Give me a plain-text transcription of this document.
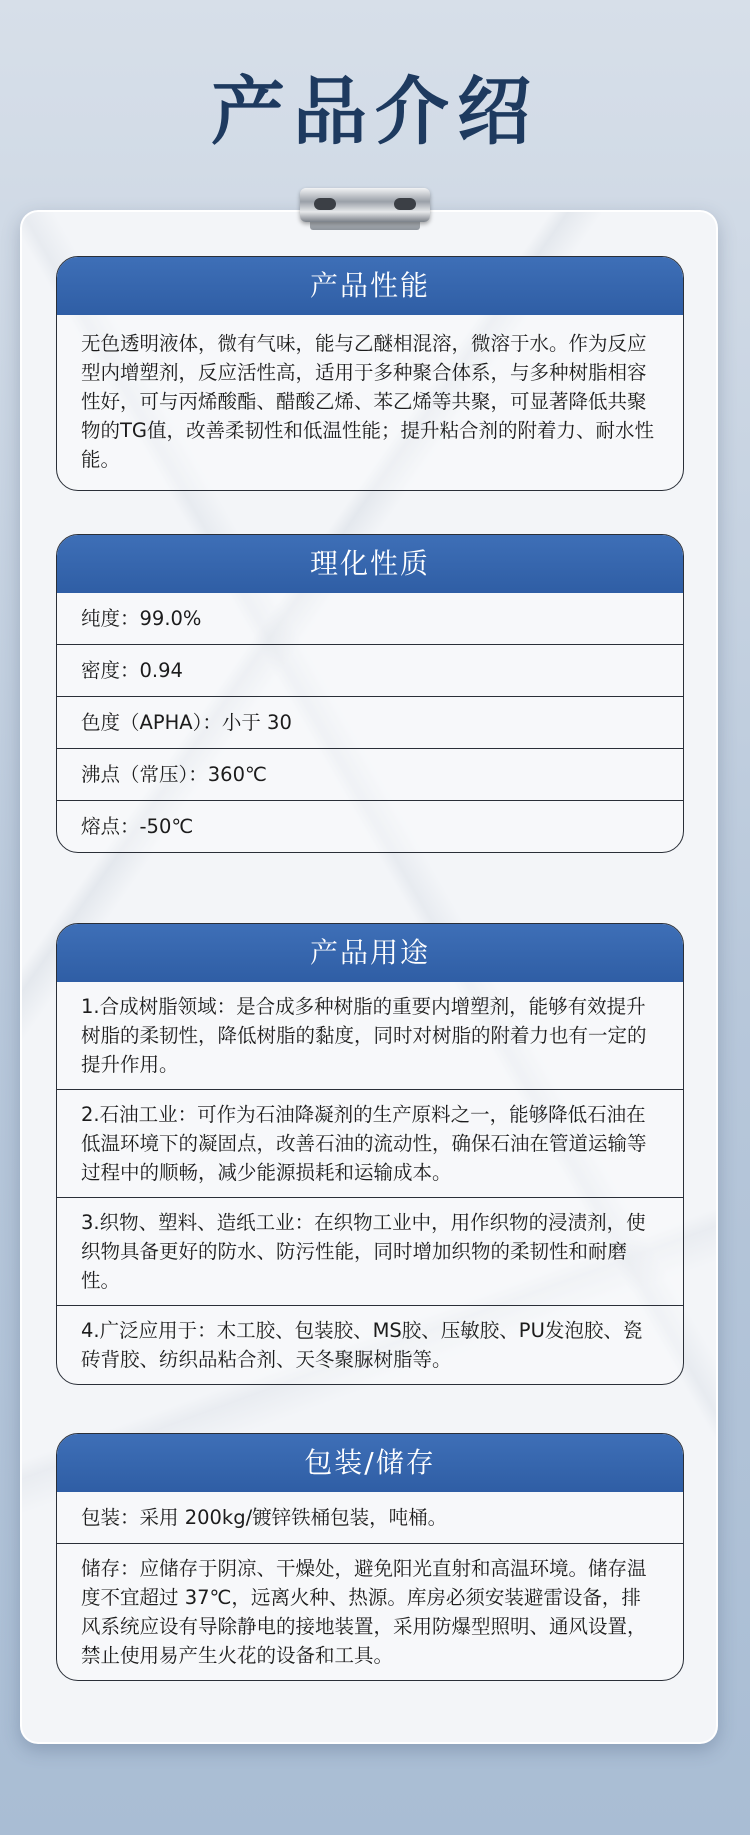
产品介绍
产品性能
无色透明液体，微有气味，能与乙醚相混溶，微溶于水。作为反应型内增塑剂，反应活性高，适用于多种聚合体系，与多种树脂相容性好，可与丙烯酸酯、醋酸乙烯、苯乙烯等共聚，可显著降低共聚物的TG值，改善柔韧性和低温性能；提升粘合剂的附着力、耐水性能。
理化性质
纯度：99.0%
密度：0.94
色度（APHA）：小于 30
沸点（常压）：360℃
熔点：-50℃
产品用途
1.合成树脂领域：是合成多种树脂的重要内增塑剂，能够有效提升树脂的柔韧性，降低树脂的黏度，同时对树脂的附着力也有一定的提升作用。
2.石油工业：可作为石油降凝剂的生产原料之一，能够降低石油在低温环境下的凝固点，改善石油的流动性，确保石油在管道运输等过程中的顺畅，减少能源损耗和运输成本。
3.织物、塑料、造纸工业：在织物工业中，用作织物的浸渍剂，使织物具备更好的防水、防污性能，同时增加织物的柔韧性和耐磨性。
4.广泛应用于：木工胶、包装胶、MS胶、压敏胶、PU发泡胶、瓷砖背胶、纺织品粘合剂、天冬聚脲树脂等。
包装/储存
包装：采用 200kg/镀锌铁桶包装，吨桶。
储存：应储存于阴凉、干燥处，避免阳光直射和高温环境。储存温度不宜超过 37℃，远离火种、热源。库房必须安装避雷设备，排风系统应设有导除静电的接地装置，采用防爆型照明、通风设置，禁止使用易产生火花的设备和工具。
